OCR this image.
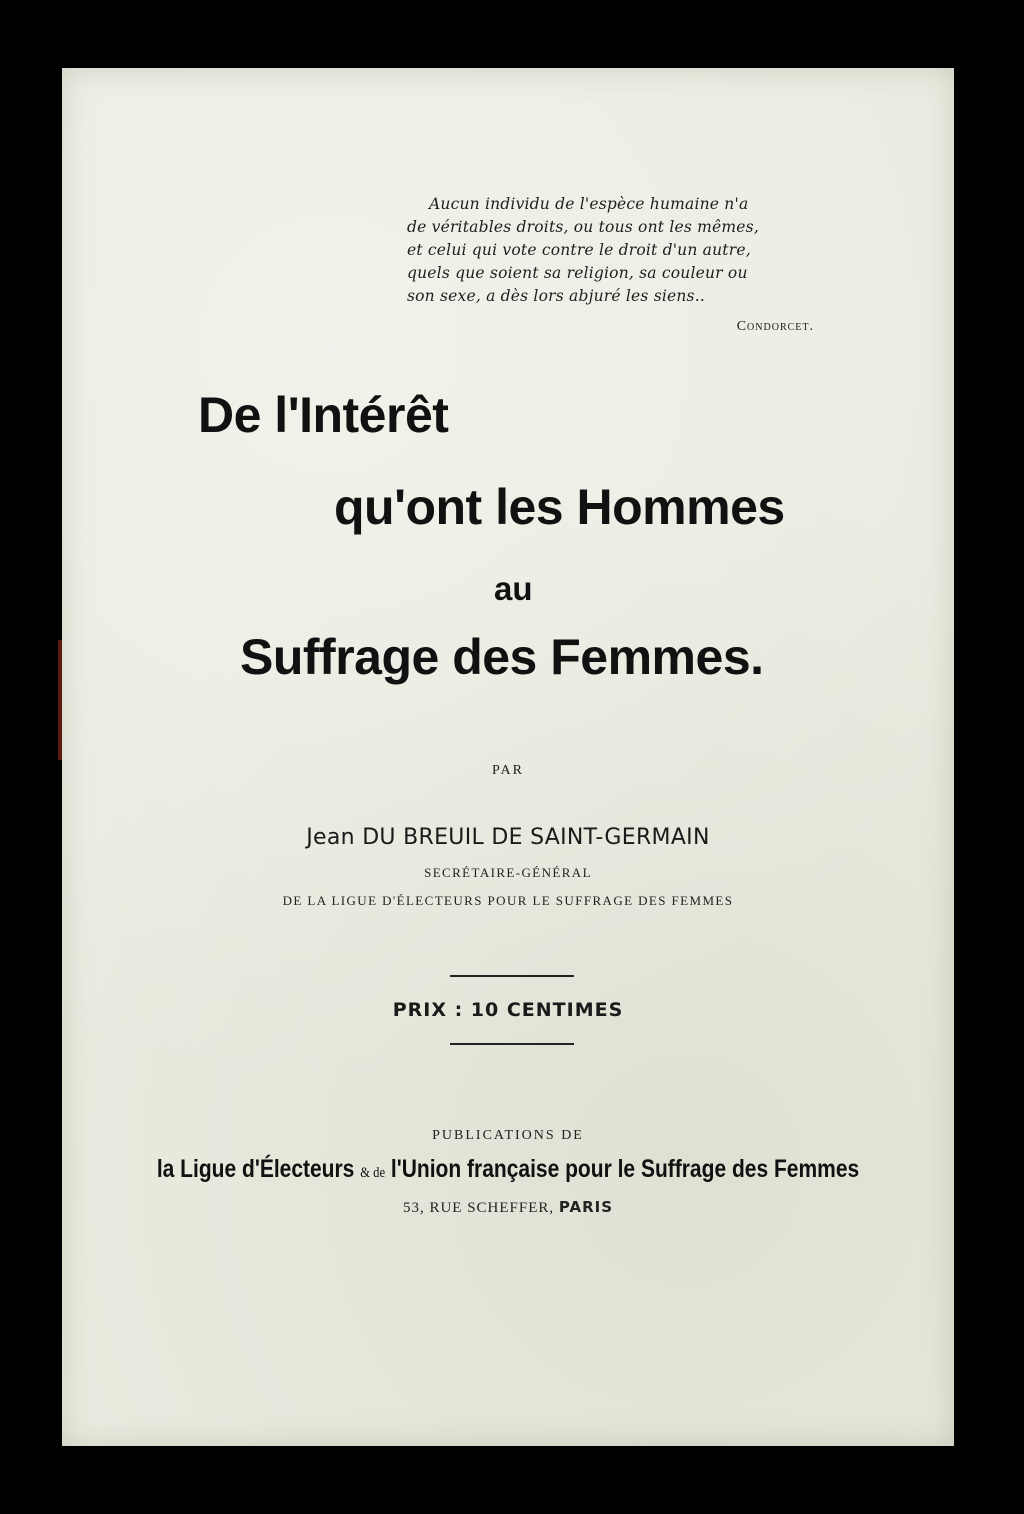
Aucun individu de l'espèce humaine n'a
de véritables droits, ou tous ont les mêmes,
et celui qui vote contre le droit d'un autre,
quels que soient sa religion, sa couleur ou
son sexe, a dès lors abjuré les siens..
Condorcet.
De l'Intérêt
qu'ont les Hommes
au
Suffrage des Femmes.
PAR
Jean DU BREUIL DE SAINT-GERMAIN
SECRÉTAIRE-GÉNÉRAL
DE LA LIGUE D'ÉLECTEURS POUR LE SUFFRAGE DES FEMMES
PRIX : 10 CENTIMES
PUBLICATIONS DE
la Ligue d'Électeurs & de l'Union française pour le Suffrage des Femmes
53, RUE SCHEFFER, PARIS
